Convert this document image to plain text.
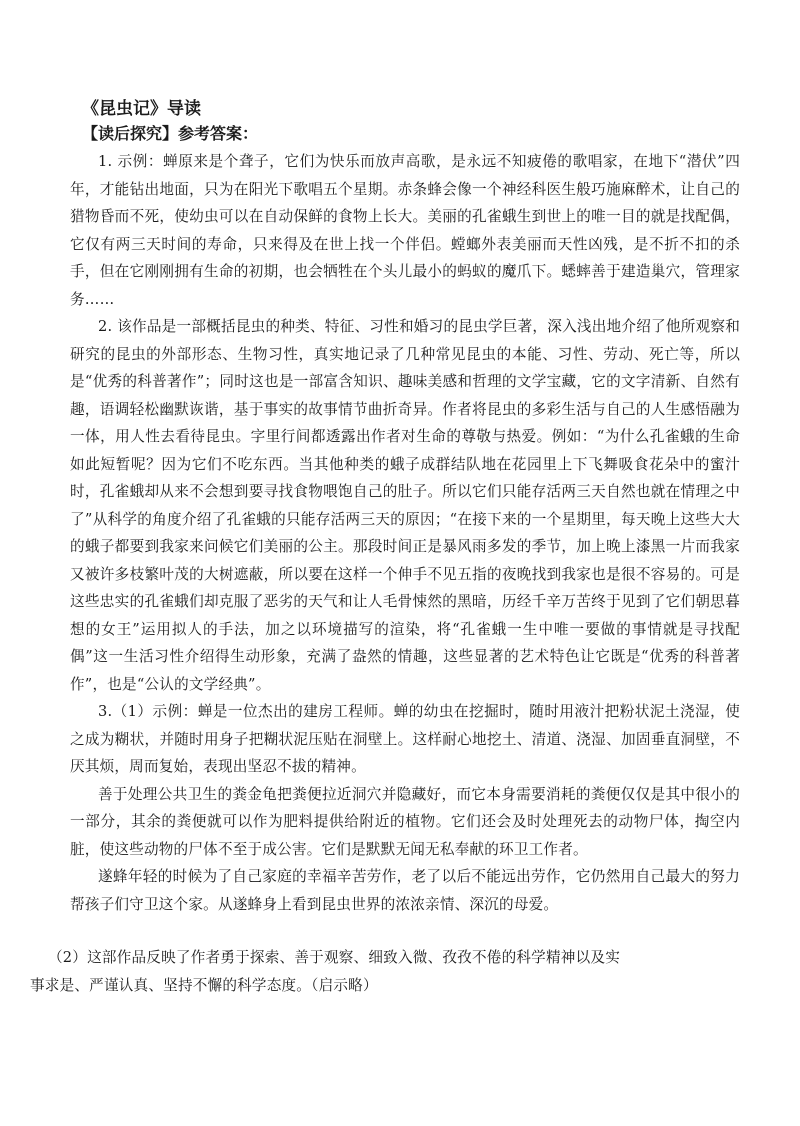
《昆虫记》导读
【读后探究】参考答案：

1. 示例：蝉原来是个聋子，它们为快乐而放声高歌，是永远不知疲倦的歌唱家，在地下“潜伏”四年，才能钻出地面，只为在阳光下歌唱五个星期。赤条蜂会像一个神经科医生般巧施麻醉术，让自己的猎物昏而不死，使幼虫可以在自动保鲜的食物上长大。美丽的孔雀蛾生到世上的唯一目的就是找配偶，它仅有两三天时间的寿命，只来得及在世上找一个伴侣。螳螂外表美丽而天性凶残，是不折不扣的杀手，但在它刚刚拥有生命的初期，也会牺牲在个头儿最小的蚂蚁的魔爪下。蟋蟀善于建造巢穴，管理家务……

2. 该作品是一部概括昆虫的种类、特征、习性和婚习的昆虫学巨著，深入浅出地介绍了他所观察和研究的昆虫的外部形态、生物习性，真实地记录了几种常见昆虫的本能、习性、劳动、死亡等，所以是“优秀的科普著作”；同时这也是一部富含知识、趣味美感和哲理的文学宝藏，它的文字清新、自然有趣，语调轻松幽默诙谐，基于事实的故事情节曲折奇异。作者将昆虫的多彩生活与自己的人生感悟融为一体，用人性去看待昆虫。字里行间都透露出作者对生命的尊敬与热爱。例如：“为什么孔雀蛾的生命如此短暂呢？因为它们不吃东西。当其他种类的蛾子成群结队地在花园里上下飞舞吸食花朵中的蜜汁时，孔雀蛾却从来不会想到要寻找食物喂饱自己的肚子。所以它们只能存活两三天自然也就在情理之中了”从科学的角度介绍了孔雀蛾的只能存活两三天的原因；“在接下来的一个星期里，每天晚上这些大大的蛾子都要到我家来问候它们美丽的公主。那段时间正是暴风雨多发的季节，加上晚上漆黑一片而我家又被许多枝繁叶茂的大树遮蔽，所以要在这样一个伸手不见五指的夜晚找到我家也是很不容易的。可是这些忠实的孔雀蛾们却克服了恶劣的天气和让人毛骨悚然的黑暗，历经千辛万苦终于见到了它们朝思暮想的女王”运用拟人的手法，加之以环境描写的渲染，将“孔雀蛾一生中唯一要做的事情就是寻找配偶”这一生活习性介绍得生动形象，充满了盎然的情趣，这些显著的艺术特色让它既是“优秀的科普著作”，也是“公认的文学经典”。

3.（1）示例：蝉是一位杰出的建房工程师。蝉的幼虫在挖掘时，随时用液汁把粉状泥土浇湿，使之成为糊状，并随时用身子把糊状泥压贴在洞壁上。这样耐心地挖土、清道、浇湿、加固垂直洞壁，不厌其烦，周而复始，表现出坚忍不拔的精神。

善于处理公共卫生的粪金龟把粪便拉近洞穴并隐藏好，而它本身需要消耗的粪便仅仅是其中很小的一部分，其余的粪便就可以作为肥料提供给附近的植物。它们还会及时处理死去的动物尸体，掏空内脏，使这些动物的尸体不至于成公害。它们是默默无闻无私奉献的环卫工作者。

遂蜂年轻的时候为了自己家庭的幸福辛苦劳作，老了以后不能远出劳作，它仍然用自己最大的努力帮孩子们守卫这个家。从遂蜂身上看到昆虫世界的浓浓亲情、深沉的母爱。

（2）这部作品反映了作者勇于探索、善于观察、细致入微、孜孜不倦的科学精神以及实事求是、严谨认真、坚持不懈的科学态度。（启示略）
